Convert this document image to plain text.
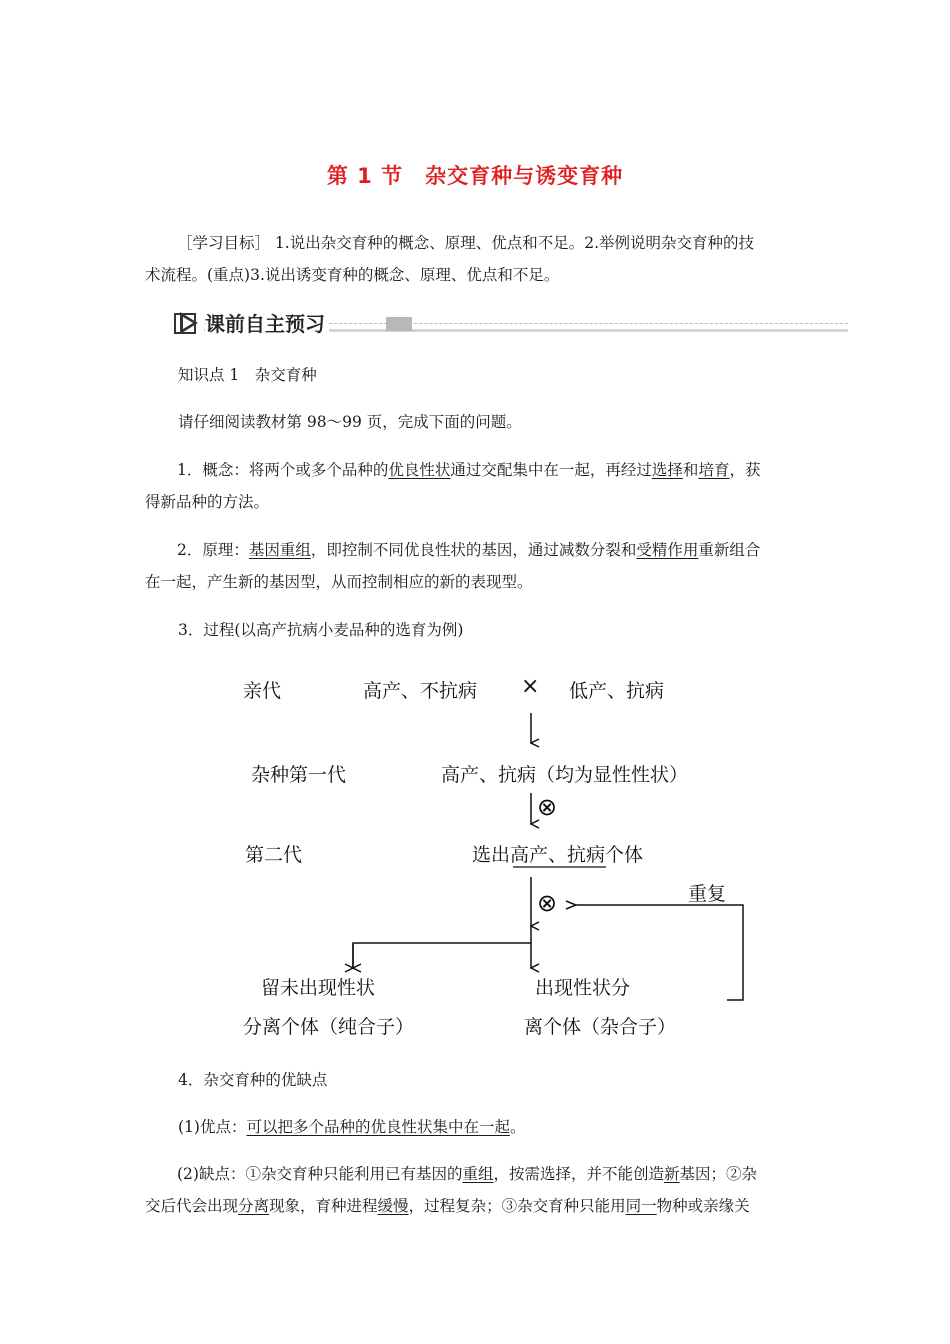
第 1 节　杂交育种与诱变育种

［学习目标］ 1.说出杂交育种的概念、原理、优点和不足。2.举例说明杂交育种的技
术流程。(重点)3.说出诱变育种的概念、原理、优点和不足。

课前自主预习

知识点 1　杂交育种

请仔细阅读教材第 98～99 页，完成下面的问题。

1．概念：将两个或多个品种的优良性状通过交配集中在一起，再经过选择和培育，获
得新品种的方法。

2．原理：基因重组，即控制不同优良性状的基因，通过减数分裂和受精作用重新组合
在一起，产生新的基因型，从而控制相应的新的表现型。

3．过程(以高产抗病小麦品种的选育为例)

亲代	高产、不抗病 × 低产、抗病
杂种第一代	高产、抗病（均为显性性状）
⊗
第二代	选出高产、抗病个体
⊗	重复
留未出现性状
分离个体（纯合子）
出现性状分
离个体（杂合子）

4．杂交育种的优缺点

(1)优点：可以把多个品种的优良性状集中在一起。

(2)缺点：①杂交育种只能利用已有基因的重组，按需选择，并不能创造新基因；②杂
交后代会出现分离现象，育种进程缓慢，过程复杂；③杂交育种只能用同一物种或亲缘关
